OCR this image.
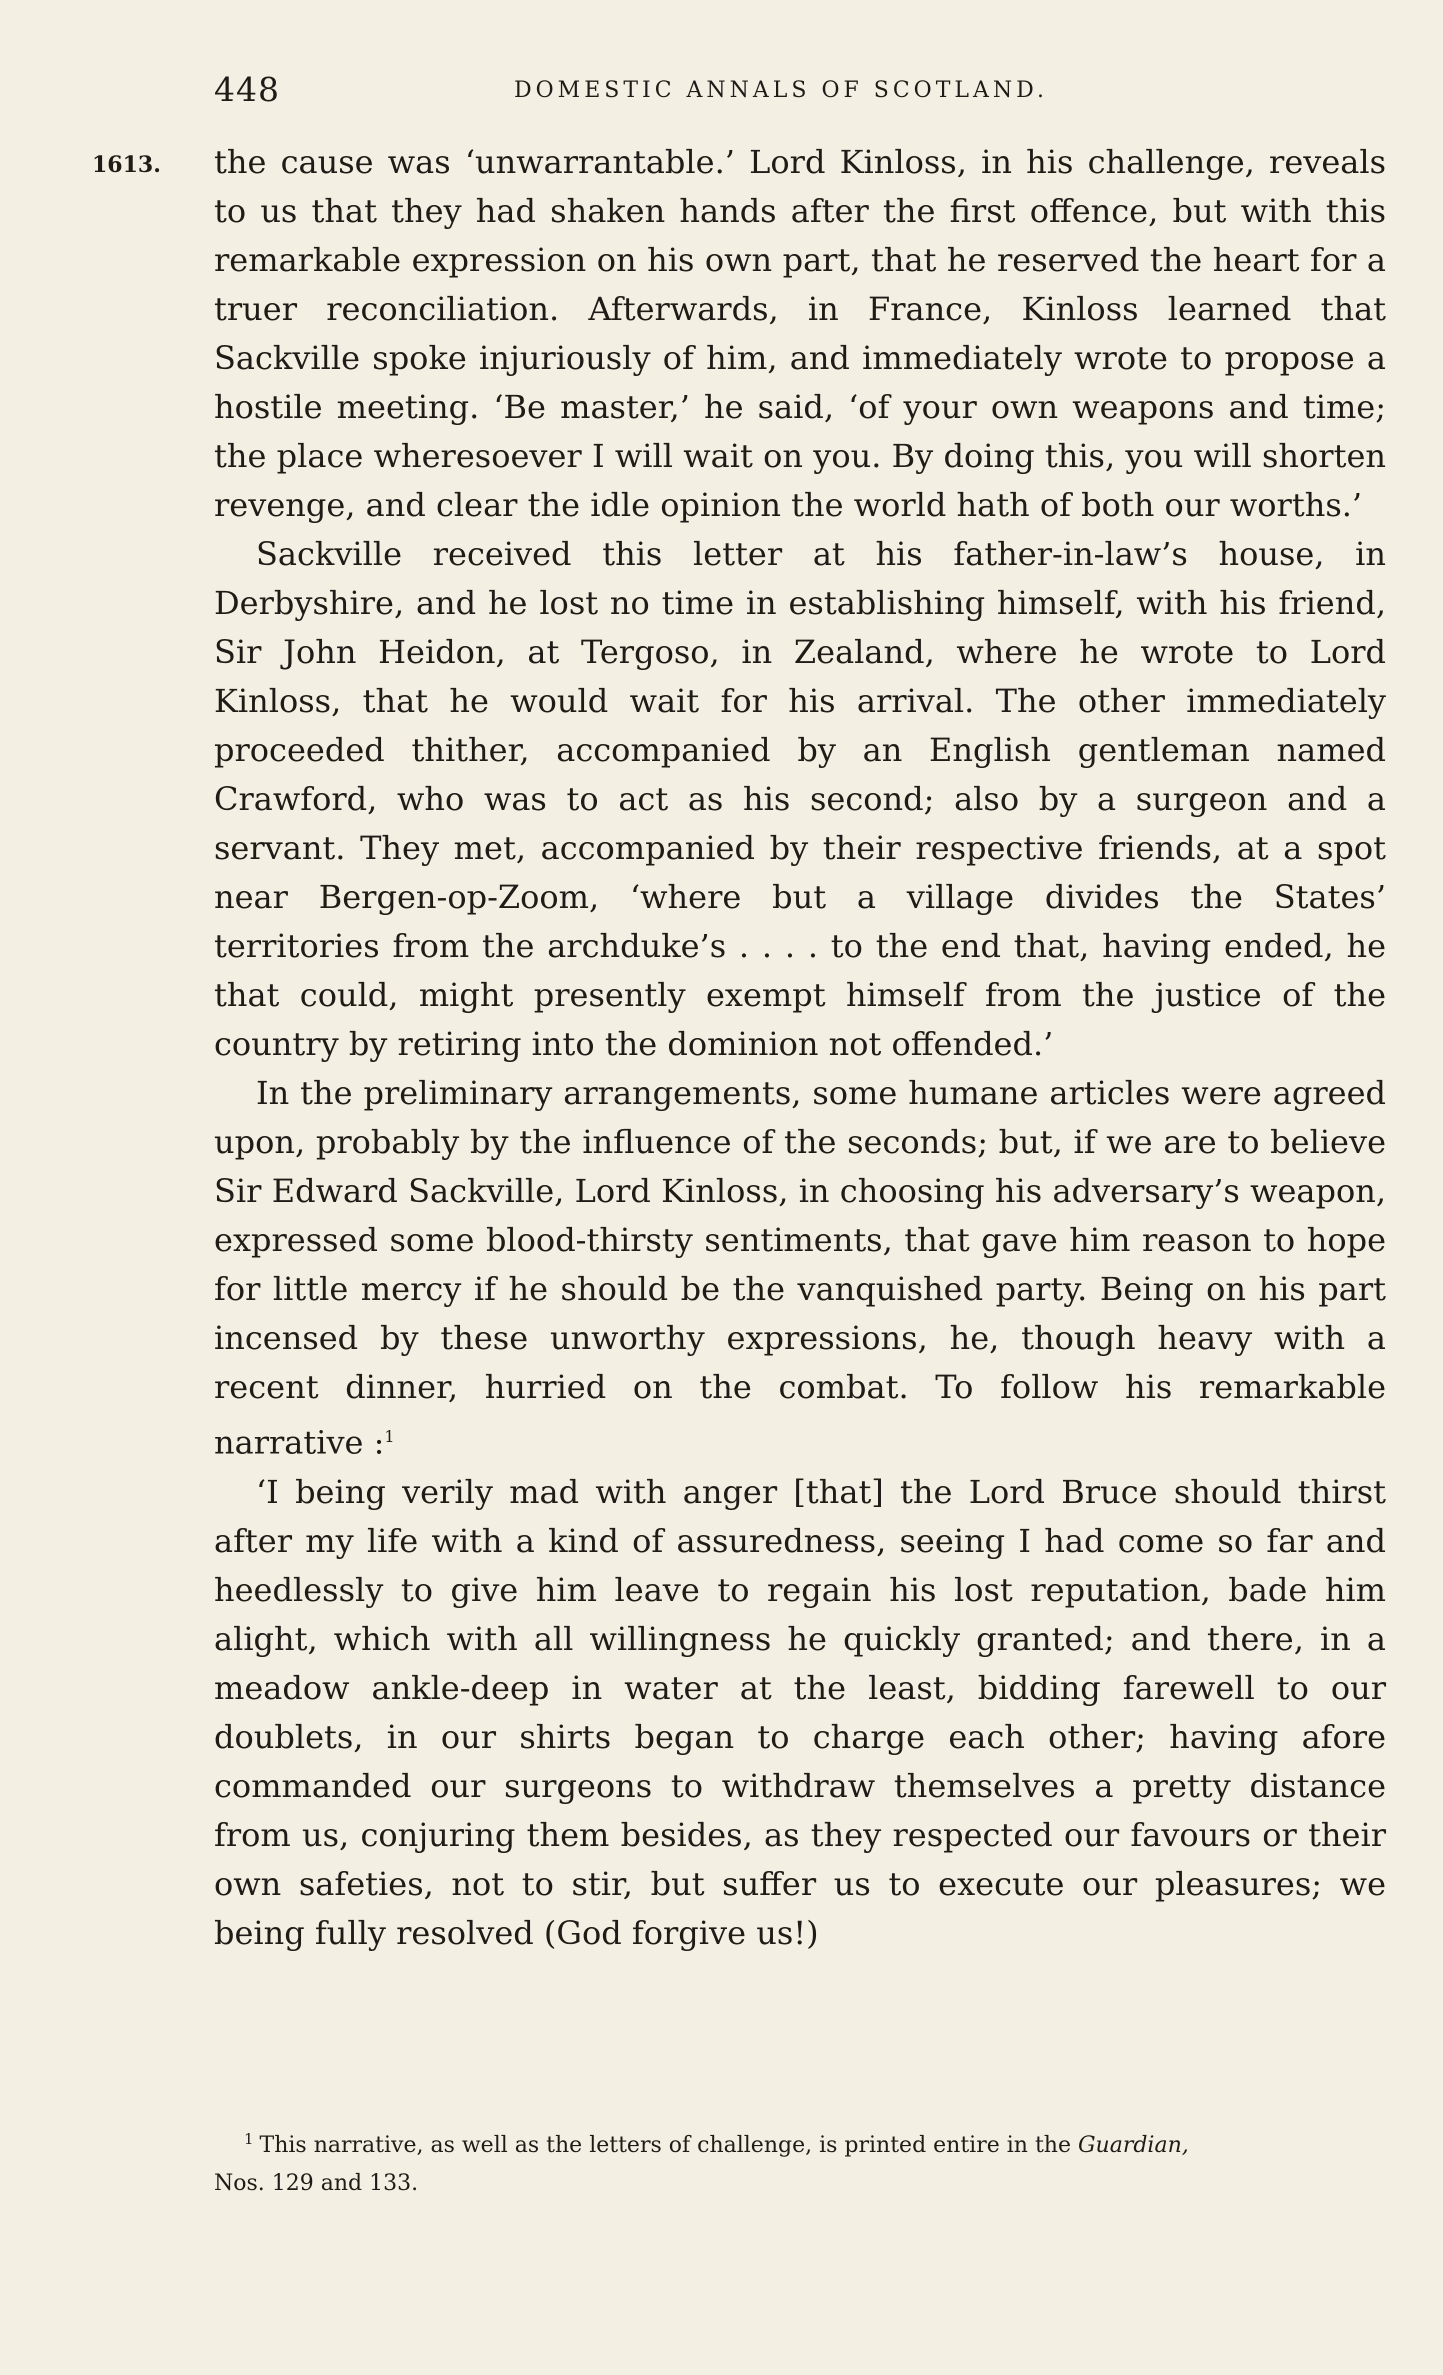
448	DOMESTIC ANNALS OF SCOTLAND.
1613. the cause was ‘unwarrantable.’ Lord Kinloss, in his challenge, reveals to us that they had shaken hands after the first offence, but with this remarkable expression on his own part, that he reserved the heart for a truer reconciliation. Afterwards, in France, Kinloss learned that Sackville spoke injuriously of him, and immediately wrote to propose a hostile meeting. ‘Be master,’ he said, ‘of your own weapons and time; the place wheresoever I will wait on you. By doing this, you will shorten revenge, and clear the idle opinion the world hath of both our worths.’

Sackville received this letter at his father-in-law’s house, in Derbyshire, and he lost no time in establishing himself, with his friend, Sir John Heidon, at Tergoso, in Zealand, where he wrote to Lord Kinloss, that he would wait for his arrival. The other immediately proceeded thither, accompanied by an English gentleman named Crawford, who was to act as his second; also by a surgeon and a servant. They met, accompanied by their respective friends, at a spot near Bergen-op-Zoom, ‘where but a village divides the States’ territories from the archduke’s . . . . to the end that, having ended, he that could, might presently exempt himself from the justice of the country by retiring into the dominion not offended.’

In the preliminary arrangements, some humane articles were agreed upon, probably by the influence of the seconds; but, if we are to believe Sir Edward Sackville, Lord Kinloss, in choosing his adversary’s weapon, expressed some blood-thirsty sentiments, that gave him reason to hope for little mercy if he should be the vanquished party. Being on his part incensed by these unworthy expressions, he, though heavy with a recent dinner, hurried on the combat. To follow his remarkable narrative :$^1$

‘I being verily mad with anger [that] the Lord Bruce should thirst after my life with a kind of assuredness, seeing I had come so far and heedlessly to give him leave to regain his lost reputation, bade him alight, which with all willingness he quickly granted; and there, in a meadow ankle-deep in water at the least, bidding farewell to our doublets, in our shirts began to charge each other; having afore commanded our surgeons to withdraw themselves a pretty distance from us, conjuring them besides, as they respected our favours or their own safeties, not to stir, but suffer us to execute our pleasures; we being fully resolved (God forgive us!)

$^1$ This narrative, as well as the letters of challenge, is printed entire in the Guardian,
Nos. 129 and 133.
